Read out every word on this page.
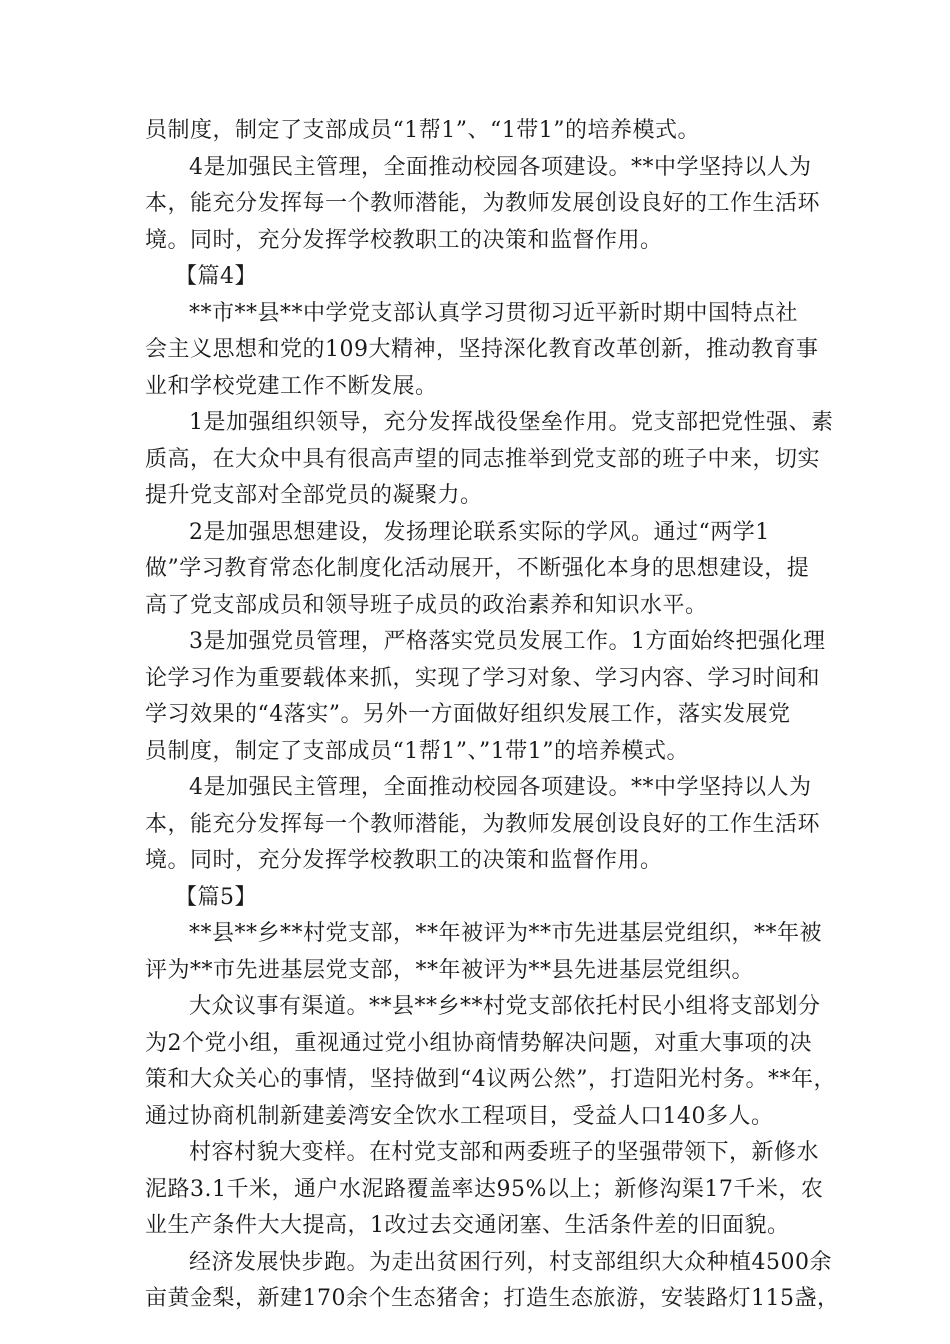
员制度，制定了支部成员“1帮1”、“1带1”的培养模式。
4是加强民主管理，全面推动校园各项建设。**中学坚持以人为
本，能充分发挥每一个教师潜能，为教师发展创设良好的工作生活环
境。同时，充分发挥学校教职工的决策和监督作用。
【篇4】
**市**县**中学党支部认真学习贯彻习近平新时期中国特点社
会主义思想和党的109大精神，坚持深化教育改革创新，推动教育事
业和学校党建工作不断发展。
1是加强组织领导，充分发挥战役堡垒作用。党支部把党性强、素
质高，在大众中具有很高声望的同志推举到党支部的班子中来，切实
提升党支部对全部党员的凝聚力。
2是加强思想建设，发扬理论联系实际的学风。通过“两学1
做”学习教育常态化制度化活动展开，不断强化本身的思想建设，提
高了党支部成员和领导班子成员的政治素养和知识水平。
3是加强党员管理，严格落实党员发展工作。1方面始终把强化理
论学习作为重要载体来抓，实现了学习对象、学习内容、学习时间和
学习效果的“4落实”。另外一方面做好组织发展工作，落实发展党
员制度，制定了支部成员“1帮1”、”1带1”的培养模式。
4是加强民主管理，全面推动校园各项建设。**中学坚持以人为
本，能充分发挥每一个教师潜能，为教师发展创设良好的工作生活环
境。同时，充分发挥学校教职工的决策和监督作用。
【篇5】
**县**乡**村党支部，**年被评为**市先进基层党组织，**年被
评为**市先进基层党支部，**年被评为**县先进基层党组织。
大众议事有渠道。**县**乡**村党支部依托村民小组将支部划分
为2个党小组，重视通过党小组协商情势解决问题，对重大事项的决
策和大众关心的事情，坚持做到“4议两公然”，打造阳光村务。**年，
通过协商机制新建姜湾安全饮水工程项目，受益人口140多人。
村容村貌大变样。在村党支部和两委班子的坚强带领下，新修水
泥路3.1千米，通户水泥路覆盖率达95%以上；新修沟渠17千米，农
业生产条件大大提高，1改过去交通闭塞、生活条件差的旧面貌。
经济发展快步跑。为走出贫困行列，村支部组织大众种植4500余
亩黄金梨，新建170余个生态猪舍；打造生态旅游，安装路灯115盏，
